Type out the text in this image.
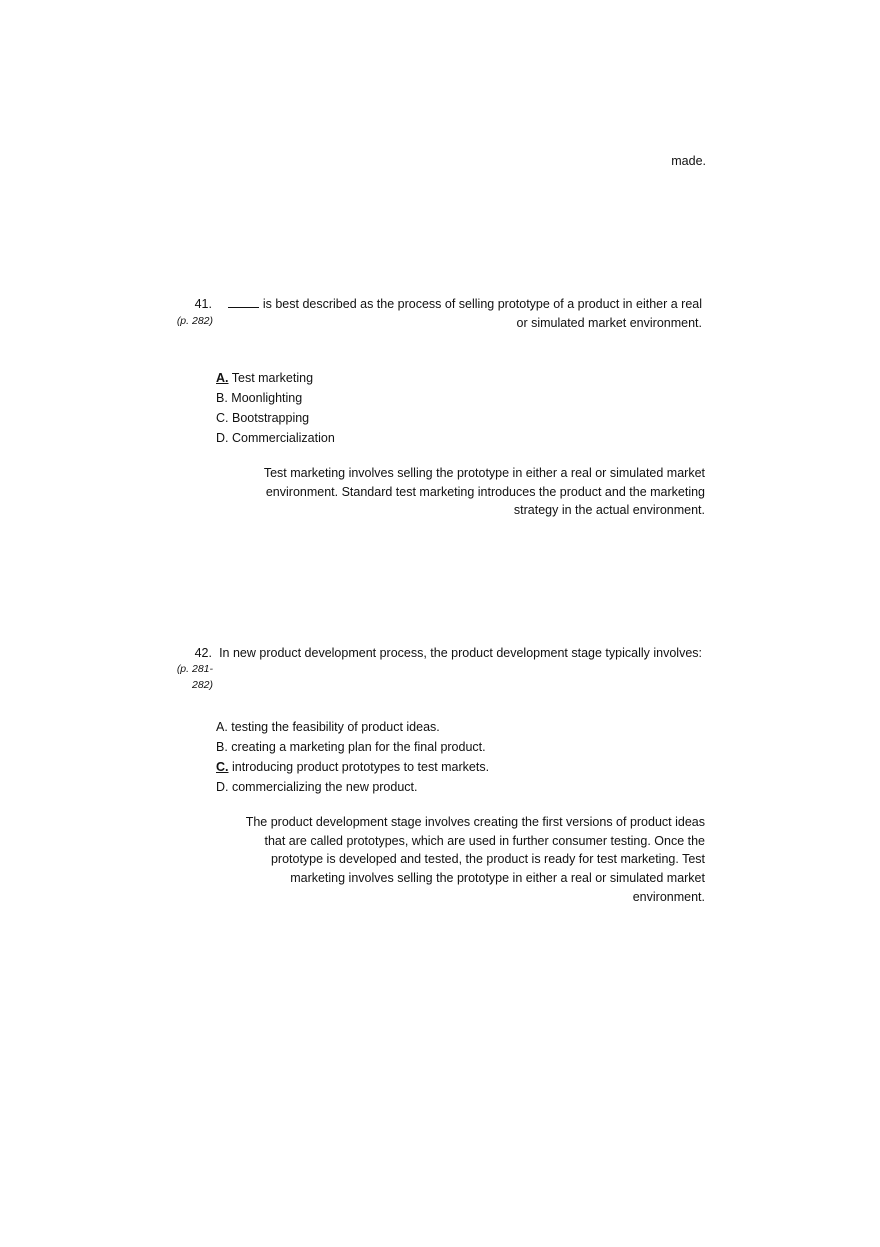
made.
41.
(p. 282)
is best described as the process of selling prototype of a product in either a real or simulated market environment.
A. Test marketing
B. Moonlighting
C. Bootstrapping
D. Commercialization
Test marketing involves selling the prototype in either a real or simulated market environment. Standard test marketing introduces the product and the marketing strategy in the actual environment.
42.
(p. 281-282)
In new product development process, the product development stage typically involves:
A. testing the feasibility of product ideas.
B. creating a marketing plan for the final product.
C. introducing product prototypes to test markets.
D. commercializing the new product.
The product development stage involves creating the first versions of product ideas that are called prototypes, which are used in further consumer testing. Once the prototype is developed and tested, the product is ready for test marketing. Test marketing involves selling the prototype in either a real or simulated market environment.
